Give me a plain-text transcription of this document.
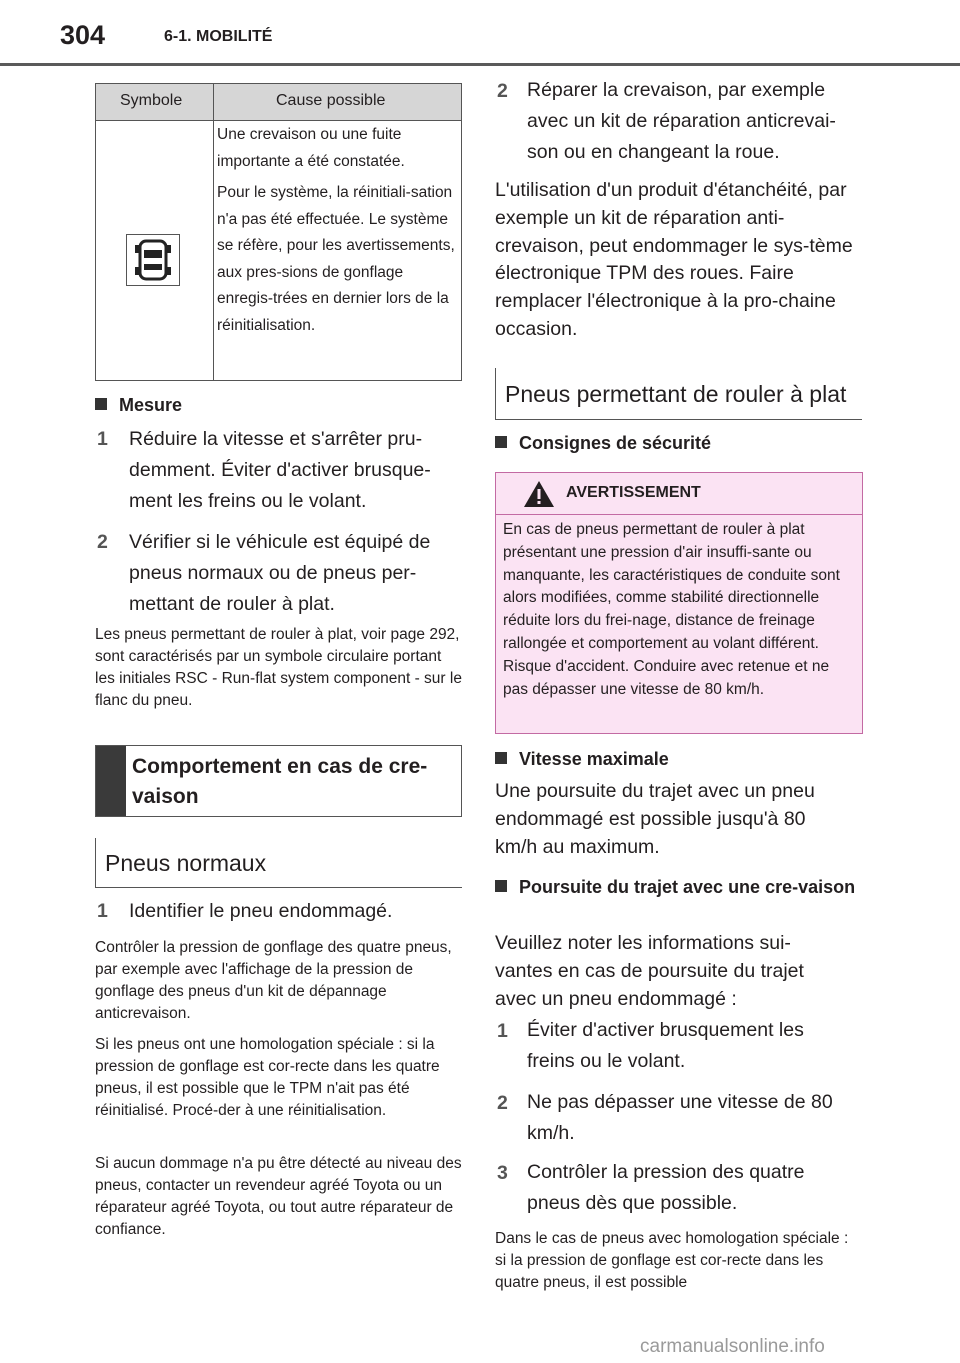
304	6-1. MOBILITÉ
Symbole	Cause possible

Une crevaison ou une fuite importante a été constatée.

Pour le système, la réinitiali-sation n'a pas été effectuée. Le système se réfère, pour les avertissements, aux pres-sions de gonflage enregis-trées en dernier lors de la réinitialisation.

Mesure
1 Réduire la vitesse et s'arrêter pru-demment. Éviter d'activer brusque-ment les freins ou le volant.
2 Vérifier si le véhicule est équipé de pneus normaux ou de pneus per-mettant de rouler à plat.
Les pneus permettant de rouler à plat, voir page 292, sont caractérisés par un symbole circulaire portant les initiales RSC - Run-flat system component - sur le flanc du pneu.
Comportement en cas de cre-vaison
Pneus normaux
1 Identifier le pneu endommagé.
Contrôler la pression de gonflage des quatre pneus, par exemple avec l'affichage de la pression de gonflage des pneus d'un kit de dépannage anticrevaison.
Si les pneus ont une homologation spéciale : si la pression de gonflage est cor-recte dans les quatre pneus, il est possible que le TPM n'ait pas été réinitialisé. Procé-der à une réinitialisation.
Si aucun dommage n'a pu être détecté au niveau des pneus, contacter un revendeur agréé Toyota ou un réparateur agréé Toyota, ou tout autre réparateur de confiance.
2 Réparer la crevaison, par exemple avec un kit de réparation anticrevai-son ou en changeant la roue.
L'utilisation d'un produit d'étanchéité, par exemple un kit de réparation anti-crevaison, peut endommager le sys-tème électronique TPM des roues. Faire remplacer l'électronique à la pro-chaine occasion.
Pneus permettant de rouler à plat
Consignes de sécurité
AVERTISSEMENT
En cas de pneus permettant de rouler à plat présentant une pression d'air insuffi-sante ou manquante, les caractéristiques de conduite sont alors modifiées, comme stabilité directionnelle réduite lors du frei-nage, distance de freinage rallongée et comportement au volant différent. Risque d'accident. Conduire avec retenue et ne pas dépasser une vitesse de 80 km/h.
Vitesse maximale
Une poursuite du trajet avec un pneu endommagé est possible jusqu'à 80 km/h au maximum.
Poursuite du trajet avec une cre-vaison
Veuillez noter les informations sui-vantes en cas de poursuite du trajet avec un pneu endommagé :
1 Éviter d'activer brusquement les freins ou le volant.
2 Ne pas dépasser une vitesse de 80 km/h.
3 Contrôler la pression des quatre pneus dès que possible.
Dans le cas de pneus avec homologation spéciale : si la pression de gonflage est cor-recte dans les quatre pneus, il est possible
carmanualsonline.info
